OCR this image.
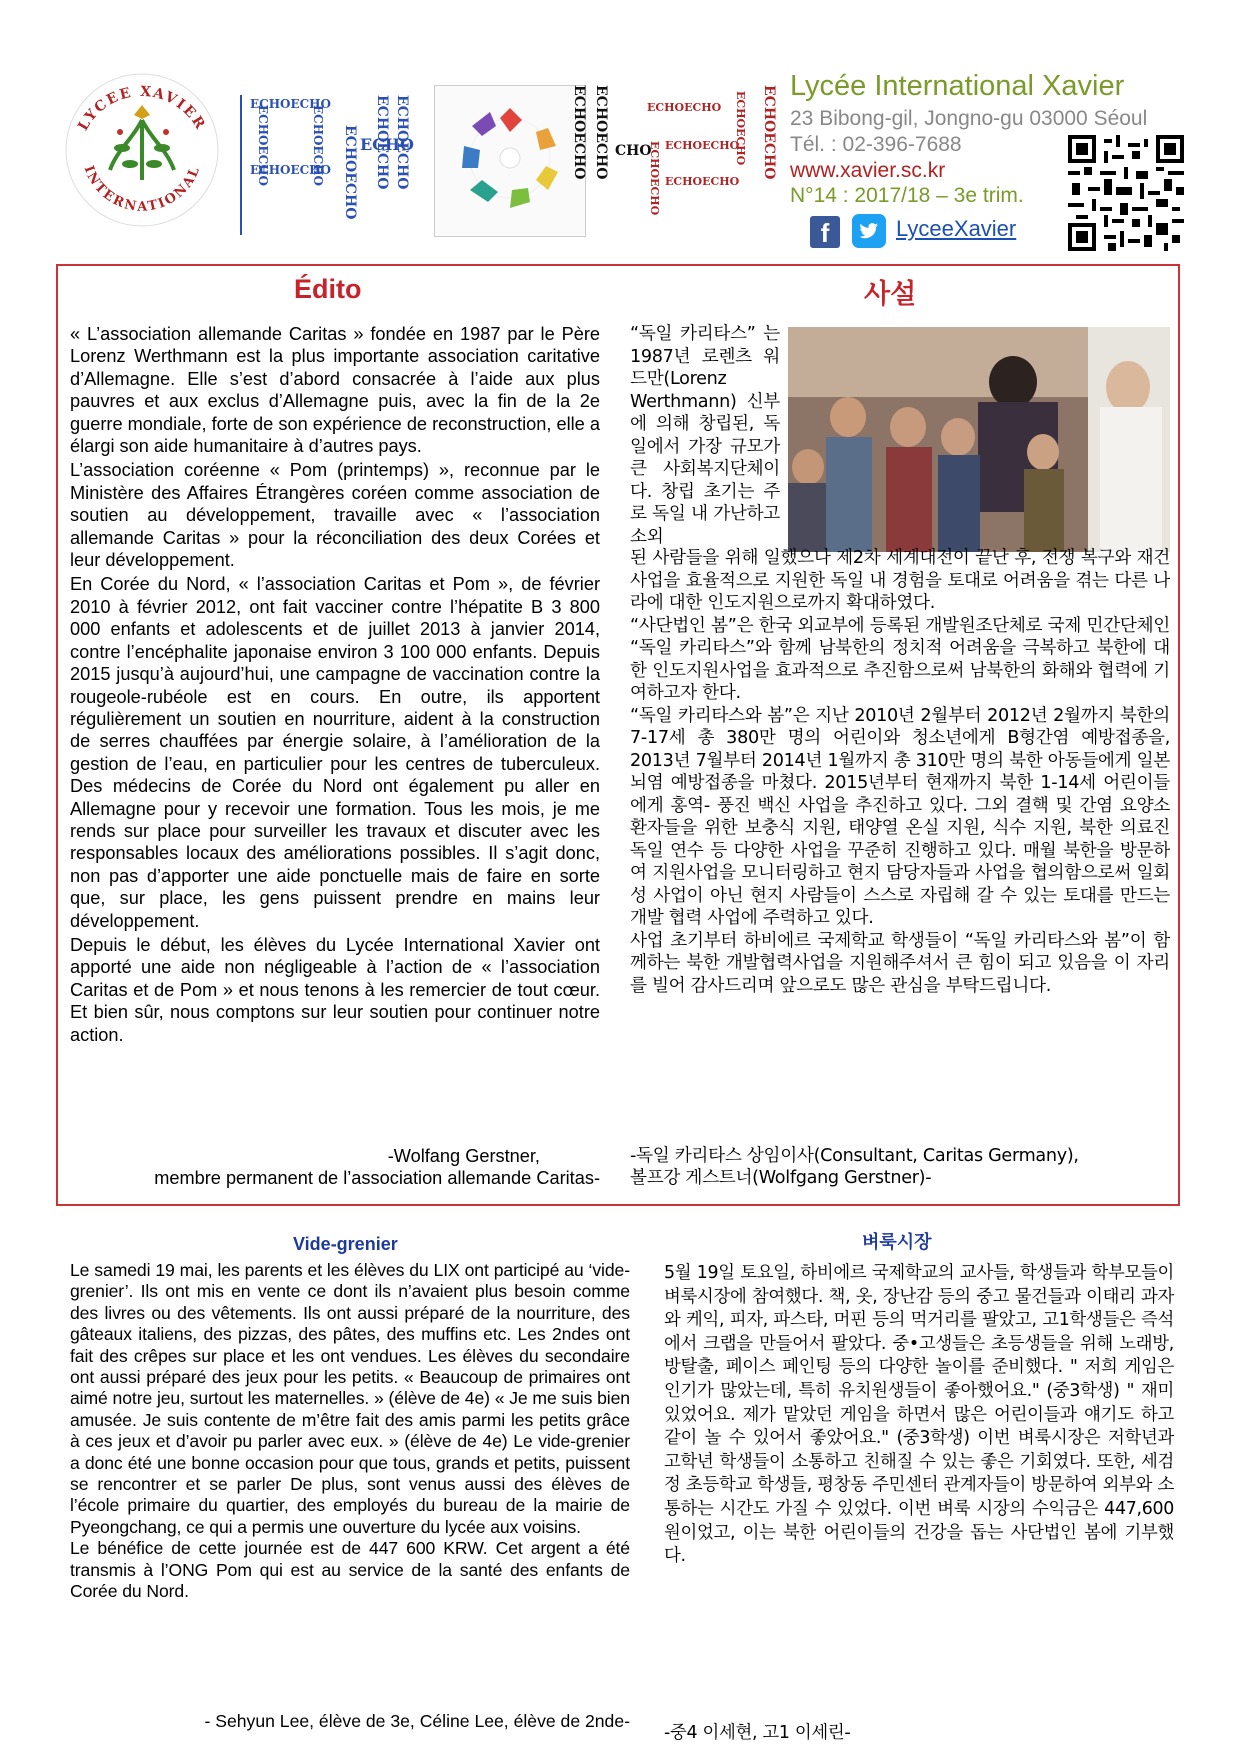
LYCEE XAVIER
INTERNATIONAL
ECHOECHO
ECHOECHO
ECHO
ECHOECHO ECHOECHO ECHOECHO
ECHOECHO	ECHOECHO	ECHOECHO ECHOECHO CHO
ECHOECHO
ECHOECHO
ECHOECHO
ECHOECHO
ECHOECHO ECHOECHO Lycée International Xavier
23 Bibong-gil, Jongno-gu 03000 Séoul
Tél. : 02-396-7688
www.xavier.sc.kr
N°14 : 2017/18 – 3e trim.
f	LyceeXavier
Édito	사설

« L’association allemande Caritas » fondée en 1987 par le Père Lorenz Werthmann est la plus importante association caritative d’Allemagne. Elle s’est d’abord consacrée à l’aide aux plus pauvres et aux exclus d’Allemagne puis, avec la fin de la 2e guerre mondiale, forte de son expérience de reconstruction, elle a élargi son aide humanitaire à d’autres pays.

L’association coréenne « Pom (printemps) », reconnue par le Ministère des Affaires Étrangères coréen comme association de soutien au développement, travaille avec « l’association allemande Caritas » pour la réconciliation des deux Corées et leur développement.

En Corée du Nord, « l’association Caritas et Pom », de février 2010 à février 2012, ont fait vacciner contre l’hépatite B 3 800 000 enfants et adolescents et de juillet 2013 à janvier 2014, contre l’encéphalite japonaise environ 3 100 000 enfants. Depuis 2015 jusqu’à aujourd’hui, une campagne de vaccination contre la rougeole-rubéole est en cours. En outre, ils apportent régulièrement un soutien en nourriture, aident à la construction de serres chauffées par énergie solaire, à l’amélioration de la gestion de l’eau, en particulier pour les centres de tuberculeux. Des médecins de Corée du Nord ont également pu aller en Allemagne pour y recevoir une formation. Tous les mois, je me rends sur place pour surveiller les travaux et discuter avec les responsables locaux des améliorations possibles. Il s’agit donc, non pas d’apporter une aide ponctuelle mais de faire en sorte que, sur place, les gens puissent prendre en mains leur développement.

Depuis le début, les élèves du Lycée International Xavier ont apporté une aide non négligeable à l’action de « l’association Caritas et de Pom » et nous tenons à les remercier de tout cœur. Et bien sûr, nous comptons sur leur soutien pour continuer notre action.

-Wolfang Gerstner,
membre permanent de l’association allemande Caritas-
“독일 카리타스” 는 1987년 로렌츠 워드만(Lorenz Werthmann) 신부에 의해 창립된, 독일에서 가장 규모가 큰 사회복지단체이다. 창립 초기는 주로 독일 내 가난하고 소외

된 사람들을 위해 일했으나 제2차 세계대전이 끝난 후, 전쟁 복구와 재건사업을 효율적으로 지원한 독일 내 경험을 토대로 어려움을 겪는 다른 나라에 대한 인도지원으로까지 확대하였다.

“사단법인 봄”은 한국 외교부에 등록된 개발원조단체로 국제 민간단체인 “독일 카리타스”와 함께 남북한의 정치적 어려움을 극복하고 북한에 대한 인도지원사업을 효과적으로 추진함으로써 남북한의 화해와 협력에 기여하고자 한다.

“독일 카리타스와 봄”은 지난 2010년 2월부터 2012년 2월까지 북한의 7-17세 총 380만 명의 어린이와 청소년에게 B형간염 예방접종을, 2013년 7월부터 2014년 1월까지 총 310만 명의 북한 아동들에게 일본뇌염 예방접종을 마쳤다. 2015년부터 현재까지 북한 1-14세 어린이들에게 홍역- 풍진 백신 사업을 추진하고 있다. 그외 결핵 및 간염 요양소 환자들을 위한 보충식 지원, 태양열 온실 지원, 식수 지원, 북한 의료진 독일 연수 등 다양한 사업을 꾸준히 진행하고 있다. 매월 북한을 방문하여 지원사업을 모니터링하고 현지 담당자들과 사업을 협의함으로써 일회성 사업이 아닌 현지 사람들이 스스로 자립해 갈 수 있는 토대를 만드는 개발 협력 사업에 주력하고 있다.

사업 초기부터 하비에르 국제학교 학생들이 “독일 카리타스와 봄”이 함께하는 북한 개발협력사업을 지원해주셔서 큰 힘이 되고 있음을 이 자리를 빌어 감사드리며 앞으로도 많은 관심을 부탁드립니다.

-독일 카리타스 상임이사(Consultant, Caritas Germany),
볼프강 게스트너(Wolfgang Gerstner)-
Vide-grenier	벼룩시장

Le samedi 19 mai, les parents et les élèves du LIX ont participé au ‘vide-grenier’. Ils ont mis en vente ce dont ils n’avaient plus besoin comme des livres ou des vêtements. Ils ont aussi préparé de la nourriture, des gâteaux italiens, des pizzas, des pâtes, des muffins etc. Les 2ndes ont fait des crêpes sur place et les ont vendues. Les élèves du secondaire ont aussi préparé des jeux pour les petits. « Beaucoup de primaires ont aimé notre jeu, surtout les maternelles. » (élève de 4e) « Je me suis bien amusée. Je suis contente de m’être fait des amis parmi les petits grâce à ces jeux et d’avoir pu parler avec eux. » (élève de 4e) Le vide-grenier a donc été une bonne occasion pour que tous, grands et petits, puissent se rencontrer et se parler De plus, sont venus aussi des élèves de l’école primaire du quartier, des employés du bureau de la mairie de Pyeongchang, ce qui a permis une ouverture du lycée aux voisins.

Le bénéfice de cette journée est de 447 600 KRW. Cet argent a été transmis à l’ONG Pom qui est au service de la santé des enfants de Corée du Nord.

- Sehyun Lee, élève de 3e, Céline Lee, élève de 2nde-
5월 19일 토요일, 하비에르 국제학교의 교사들, 학생들과 학부모들이 벼룩시장에 참여했다. 책, 옷, 장난감 등의 중고 물건들과 이태리 과자와 케익, 피자, 파스타, 머핀 등의 먹거리를 팔았고, 고1학생들은 즉석에서 크랩을 만들어서 팔았다. 중•고생들은 초등생들을 위해 노래방, 방탈출, 페이스 페인팅 등의 다양한 놀이를 준비했다. " 저희 게임은 인기가 많았는데, 특히 유치원생들이 좋아했어요." (중3학생) " 재미있었어요. 제가 맡았던 게임을 하면서 많은 어린이들과 얘기도 하고 같이 놀 수 있어서 좋았어요." (중3학생) 이번 벼룩시장은 저학년과 고학년 학생들이 소통하고 친해질 수 있는 좋은 기회였다. 또한, 세검정 초등학교 학생들, 평창동 주민센터 관계자들이 방문하여 외부와 소통하는 시간도 가질 수 있었다. 이번 벼룩 시장의 수익금은 447,600원이었고, 이는 북한 어린이들의 건강을 돕는 사단법인 봄에 기부했다.
-중4 이세현, 고1 이세린-
